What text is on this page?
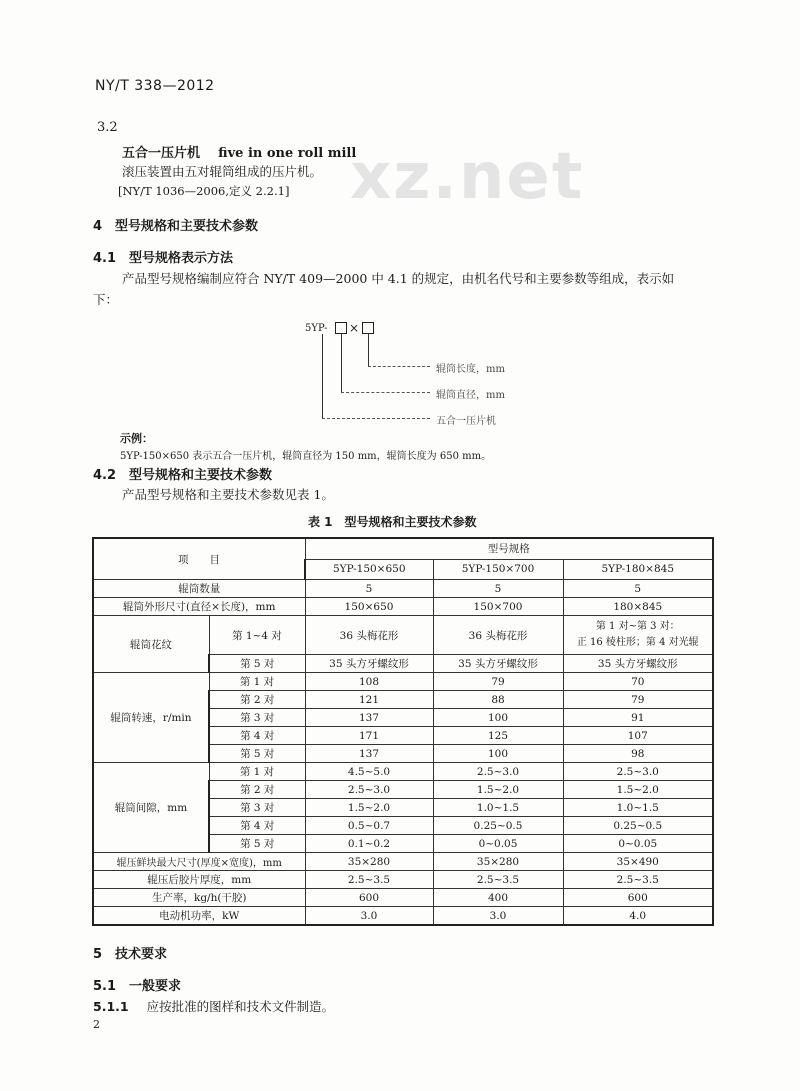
NY/T 338—2012
xz.net
3.2
五合一压片机 five in one roll mill
滚压装置由五对辊筒组成的压片机。
[NY/T 1036—2006,定义 2.2.1]
4　型号规格和主要技术参数
4.1　型号规格表示方法
产品型号规格编制应符合 NY/T 409—2000 中 4.1 的规定，由机名代号和主要参数等组成，表示如
下：
5YP- ×
辊筒长度，mm
辊筒直径，mm
五合一压片机
示例：
5YP-150×650 表示五合一压片机，辊筒直径为 150 mm，辊筒长度为 650 mm。
4.2　型号规格和主要技术参数
产品型号规格和主要技术参数见表 1。
表 1　型号规格和主要技术参数
项　　目		型号规格		
		5YP-150×650	5YP-150×700	5YP-180×845
辊筒数量		5	5	5
辊筒外形尺寸(直径×长度)，mm		150×650	150×700	180×845
辊筒花纹	第 1~4 对	36 头梅花形	36 头梅花形	第 1 对~第 3 对：
正 16 棱柱形；第 4 对光辊

	第 5 对	35 头方牙螺纹形	35 头方牙螺纹形	35 头方牙螺纹形
辊筒转速，r/min	第 1 对	108	79	70
	第 2 对	121	88	79
	第 3 对	137	100	91
	第 4 对	171	125	107
	第 5 对	137	100	98
辊筒间隙，mm	第 1 对	4.5~5.0	2.5~3.0	2.5~3.0
	第 2 对	2.5~3.0	1.5~2.0	1.5~2.0
	第 3 对	1.5~2.0	1.0~1.5	1.0~1.5
	第 4 对	0.5~0.7	0.25~0.5	0.25~0.5
	第 5 对	0.1~0.2	0~0.05	0~0.05
辊压鲜块最大尺寸(厚度×宽度)，mm		35×280	35×280	35×490
辊压后胶片厚度，mm		2.5~3.5	2.5~3.5	2.5~3.5
生产率，kg/h(干胶)		600	400	600
电动机功率，kW		3.0	3.0	4.0
5　技术要求
5.1　一般要求
5.1.1 应按批准的图样和技术文件制造。
2
